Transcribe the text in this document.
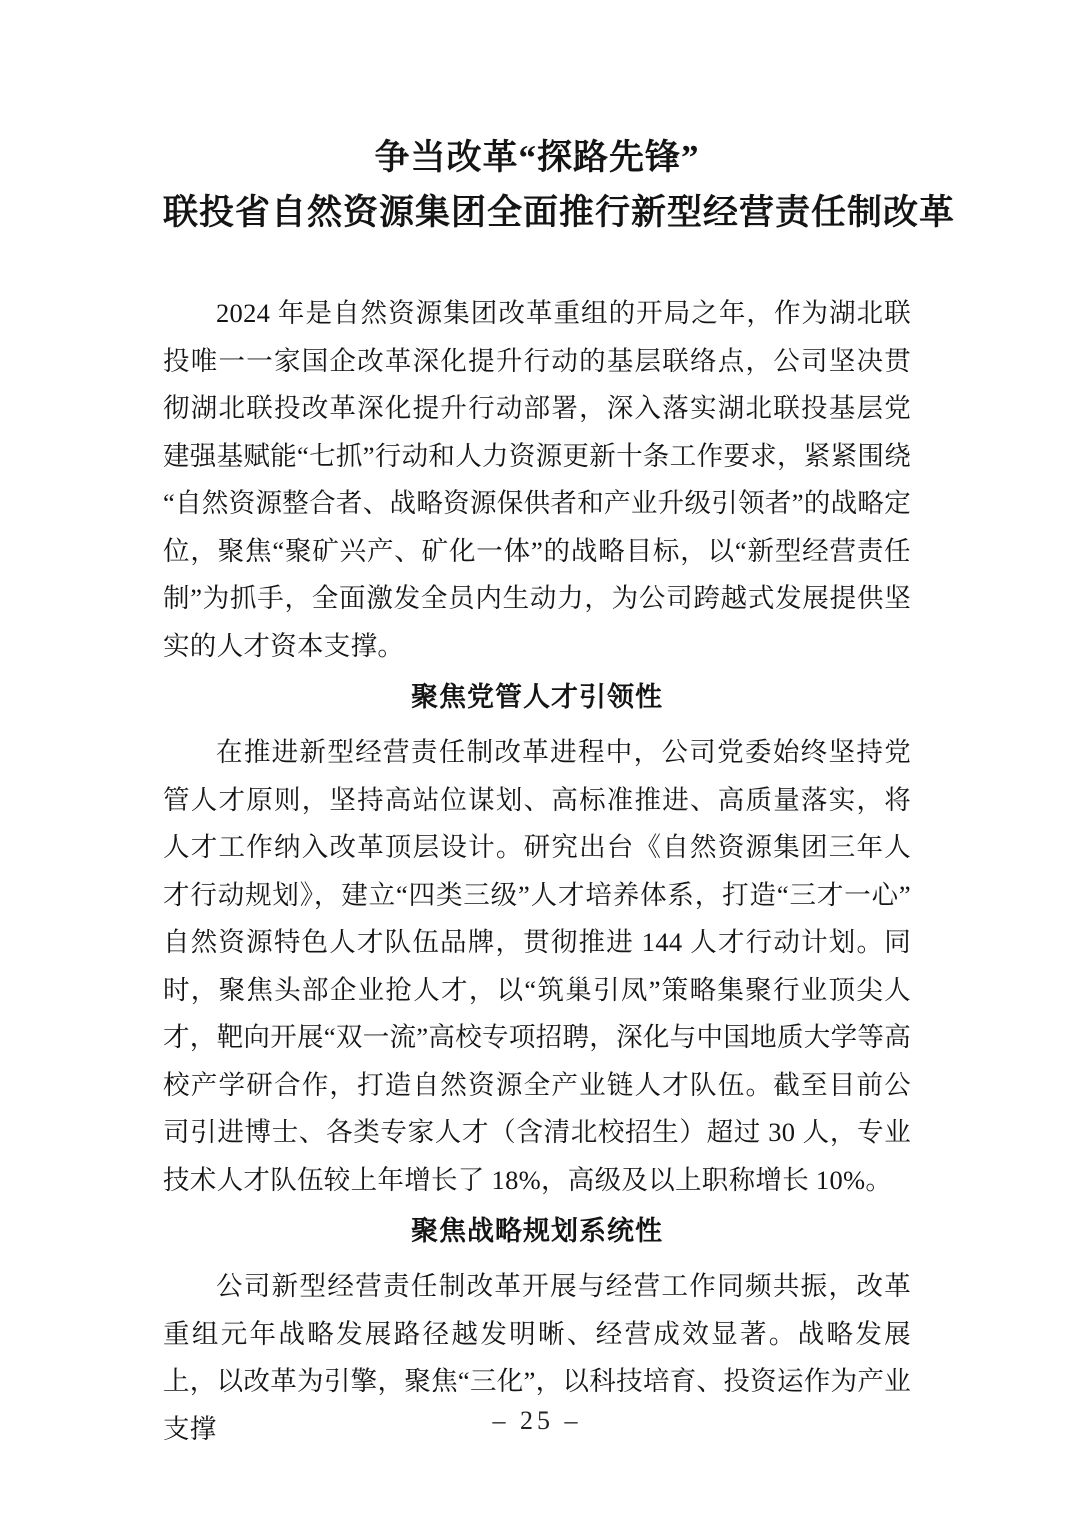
争当改革“探路先锋”
联投省自然资源集团全面推行新型经营责任制改革

2024 年是自然资源集团改革重组的开局之年，作为湖北联投唯一一家国企改革深化提升行动的基层联络点，公司坚决贯彻湖北联投改革深化提升行动部署，深入落实湖北联投基层党建强基赋能“七抓”行动和人力资源更新十条工作要求，紧紧围绕“自然资源整合者、战略资源保供者和产业升级引领者”的战略定位，聚焦“聚矿兴产、矿化一体”的战略目标，以“新型经营责任制”为抓手，全面激发全员内生动力，为公司跨越式发展提供坚实的人才资本支撑。

聚焦党管人才引领性

在推进新型经营责任制改革进程中，公司党委始终坚持党管人才原则，坚持高站位谋划、高标准推进、高质量落实，将人才工作纳入改革顶层设计。研究出台《自然资源集团三年人才行动规划》，建立“四类三级”人才培养体系，打造“三才一心”自然资源特色人才队伍品牌，贯彻推进 144 人才行动计划。同时，聚焦头部企业抢人才，以“筑巢引凤”策略集聚行业顶尖人才，靶向开展“双一流”高校专项招聘，深化与中国地质大学等高校产学研合作，打造自然资源全产业链人才队伍。截至目前公司引进博士、各类专家人才（含清北校招生）超过 30 人，专业技术人才队伍较上年增长了 18%，高级及以上职称增长 10%。

聚焦战略规划系统性

公司新型经营责任制改革开展与经营工作同频共振，改革重组元年战略发展路径越发明晰、经营成效显著。战略发展上，以改革为引擎，聚焦“三化”，以科技培育、投资运作为产业支撑	– 25 –
